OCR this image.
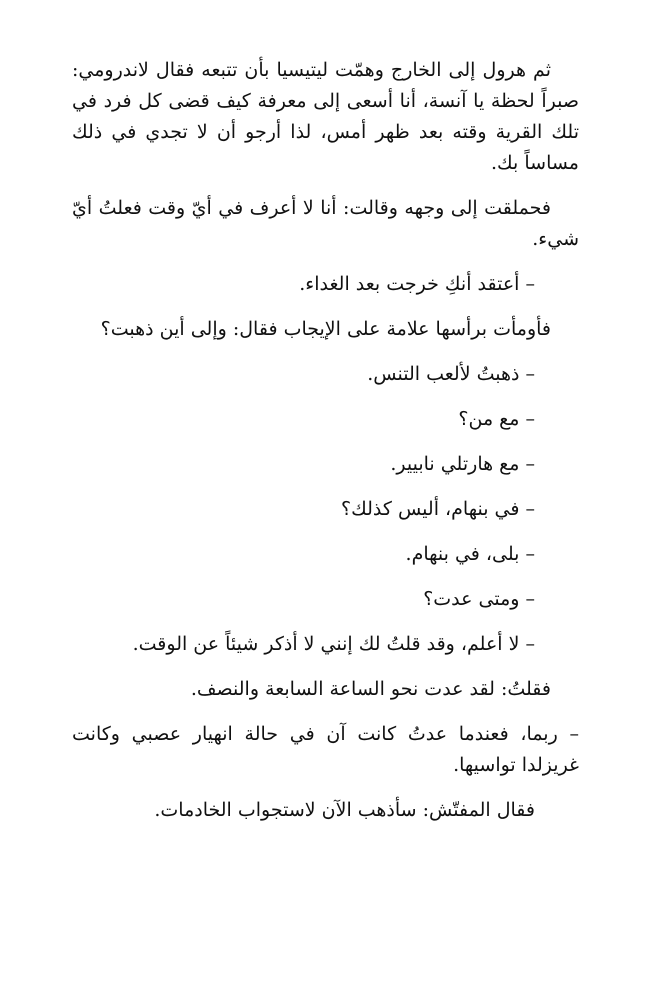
ثم هرول إلى الخارج وهمّت ليتيسيا بأن تتبعه فقال لاندرومي: صبراً لحظة يا آنسة، أنا أسعى إلى معرفة كيف قضى كل فرد في تلك القرية وقته بعد ظهر أمس، لذا أرجو أن لا تجدي في ذلك مساساً بك.

فحملقت إلى وجهه وقالت: أنا لا أعرف في أيّ وقت فعلتُ أيّ شيء.

– أعتقد أنكِ خرجت بعد الغداء.

فأومأت برأسها علامة على الإيجاب فقال: وإلى أين ذهبت؟

– ذهبتُ لألعب التنس.

– مع من؟

– مع هارتلي نابيير.

– في بنهام، أليس كذلك؟

– بلى، في بنهام.

– ومتى عدت؟

– لا أعلم، وقد قلتُ لك إنني لا أذكر شيئاً عن الوقت.

فقلتُ: لقد عدت نحو الساعة السابعة والنصف.

– ربما، فعندما عدتُ كانت آن في حالة انهيار عصبي وكانت غريزلدا تواسيها.

فقال المفتّش: سأذهب الآن لاستجواب الخادمات.
